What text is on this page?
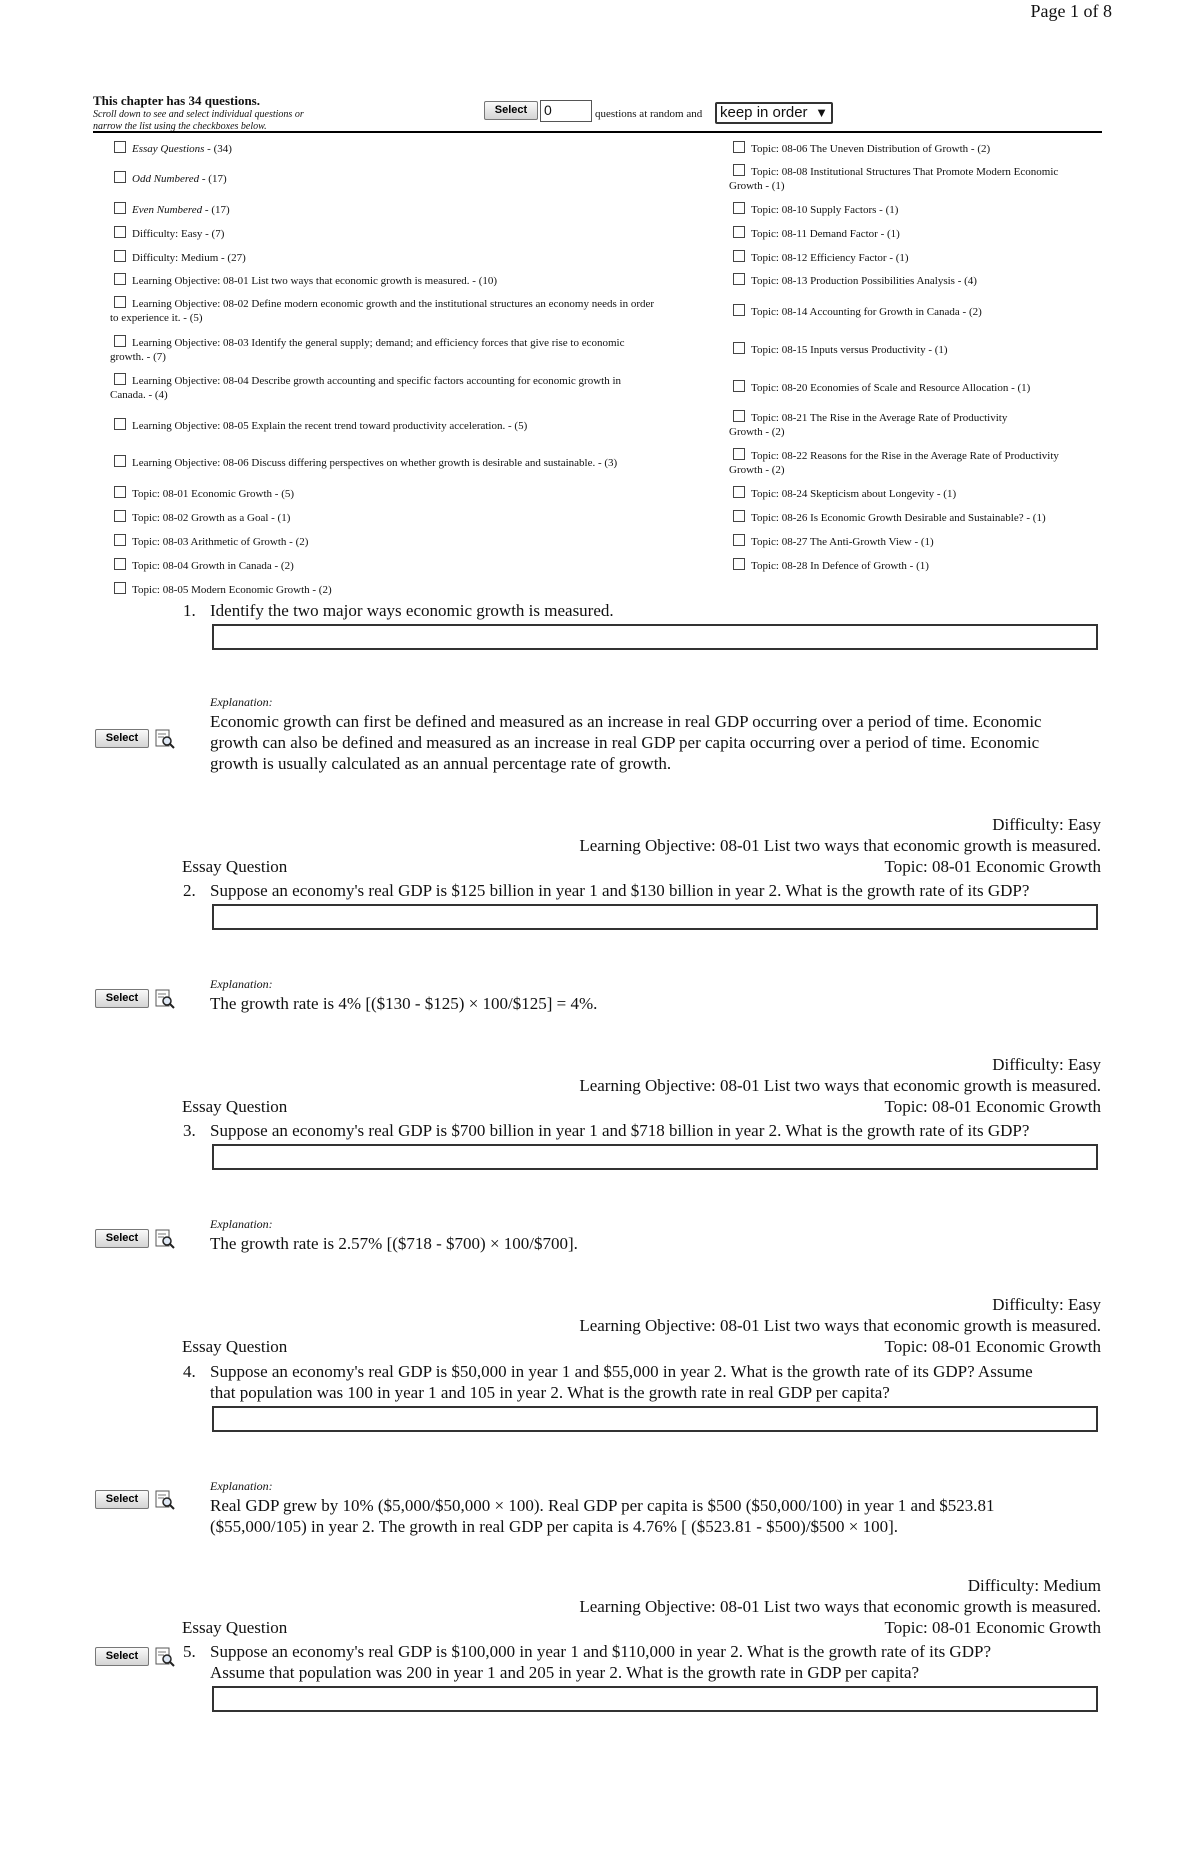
Page 1 of 8
This chapter has 34 questions.
Scroll down to see and select individual questions or
narrow the list using the checkboxes below.
Select	0	questions at random and	keep in order ▼
Essay Questions - (34)
Odd Numbered - (17)
Even Numbered - (17)
Difficulty: Easy - (7)
Difficulty: Medium - (27)
Learning Objective: 08-01 List two ways that economic growth is measured. - (10)
Learning Objective: 08-02 Define modern economic growth and the institutional structures an economy needs in order
to experience it. - (5)
Learning Objective: 08-03 Identify the general supply; demand; and efficiency forces that give rise to economic
growth. - (7)
Learning Objective: 08-04 Describe growth accounting and specific factors accounting for economic growth in
Canada. - (4)
Learning Objective: 08-05 Explain the recent trend toward productivity acceleration. - (5)
Learning Objective: 08-06 Discuss differing perspectives on whether growth is desirable and sustainable. - (3)
Topic: 08-01 Economic Growth - (5)
Topic: 08-02 Growth as a Goal - (1)
Topic: 08-03 Arithmetic of Growth - (2)
Topic: 08-04 Growth in Canada - (2)
Topic: 08-05 Modern Economic Growth - (2)
Topic: 08-06 The Uneven Distribution of Growth - (2)
Topic: 08-08 Institutional Structures That Promote Modern Economic
Growth - (1)
Topic: 08-10 Supply Factors - (1)
Topic: 08-11 Demand Factor - (1)
Topic: 08-12 Efficiency Factor - (1)
Topic: 08-13 Production Possibilities Analysis - (4)
Topic: 08-14 Accounting for Growth in Canada - (2)
Topic: 08-15 Inputs versus Productivity - (1)
Topic: 08-20 Economies of Scale and Resource Allocation - (1)
Topic: 08-21 The Rise in the Average Rate of Productivity
Growth - (2)
Topic: 08-22 Reasons for the Rise in the Average Rate of Productivity
Growth - (2)
Topic: 08-24 Skepticism about Longevity - (1)
Topic: 08-26 Is Economic Growth Desirable and Sustainable? - (1)
Topic: 08-27 The Anti-Growth View - (1)
Topic: 08-28 In Defence of Growth - (1)
1. Identify the two major ways economic growth is measured.
Explanation:
Economic growth can first be defined and measured as an increase in real GDP occurring over a period of time. Economic
growth can also be defined and measured as an increase in real GDP per capita occurring over a period of time. Economic
growth is usually calculated as an annual percentage rate of growth.
Select
Difficulty: Easy
Learning Objective: 08-01 List two ways that economic growth is measured.
Essay Question	Topic: 08-01 Economic Growth
2. Suppose an economy's real GDP is $125 billion in year 1 and $130 billion in year 2. What is the growth rate of its GDP?
Explanation:
The growth rate is 4% [($130 - $125) × 100/$125] = 4%.
Select
Difficulty: Easy
Learning Objective: 08-01 List two ways that economic growth is measured.
Essay Question	Topic: 08-01 Economic Growth
3. Suppose an economy's real GDP is $700 billion in year 1 and $718 billion in year 2. What is the growth rate of its GDP?
Explanation:
The growth rate is 2.57% [($718 - $700) × 100/$700].
Select
Difficulty: Easy
Learning Objective: 08-01 List two ways that economic growth is measured.
Essay Question	Topic: 08-01 Economic Growth
4. Suppose an economy's real GDP is $50,000 in year 1 and $55,000 in year 2. What is the growth rate of its GDP? Assume
that population was 100 in year 1 and 105 in year 2. What is the growth rate in real GDP per capita?
Explanation:
Real GDP grew by 10% ($5,000/$50,000 × 100). Real GDP per capita is $500 ($50,000/100) in year 1 and $523.81
($55,000/105) in year 2. The growth in real GDP per capita is 4.76% [ ($523.81 - $500)/$500 × 100].
Select
Difficulty: Medium
Learning Objective: 08-01 List two ways that economic growth is measured.
Essay Question	Topic: 08-01 Economic Growth
Select	5. Suppose an economy's real GDP is $100,000 in year 1 and $110,000 in year 2. What is the growth rate of its GDP?
Assume that population was 200 in year 1 and 205 in year 2. What is the growth rate in GDP per capita?
